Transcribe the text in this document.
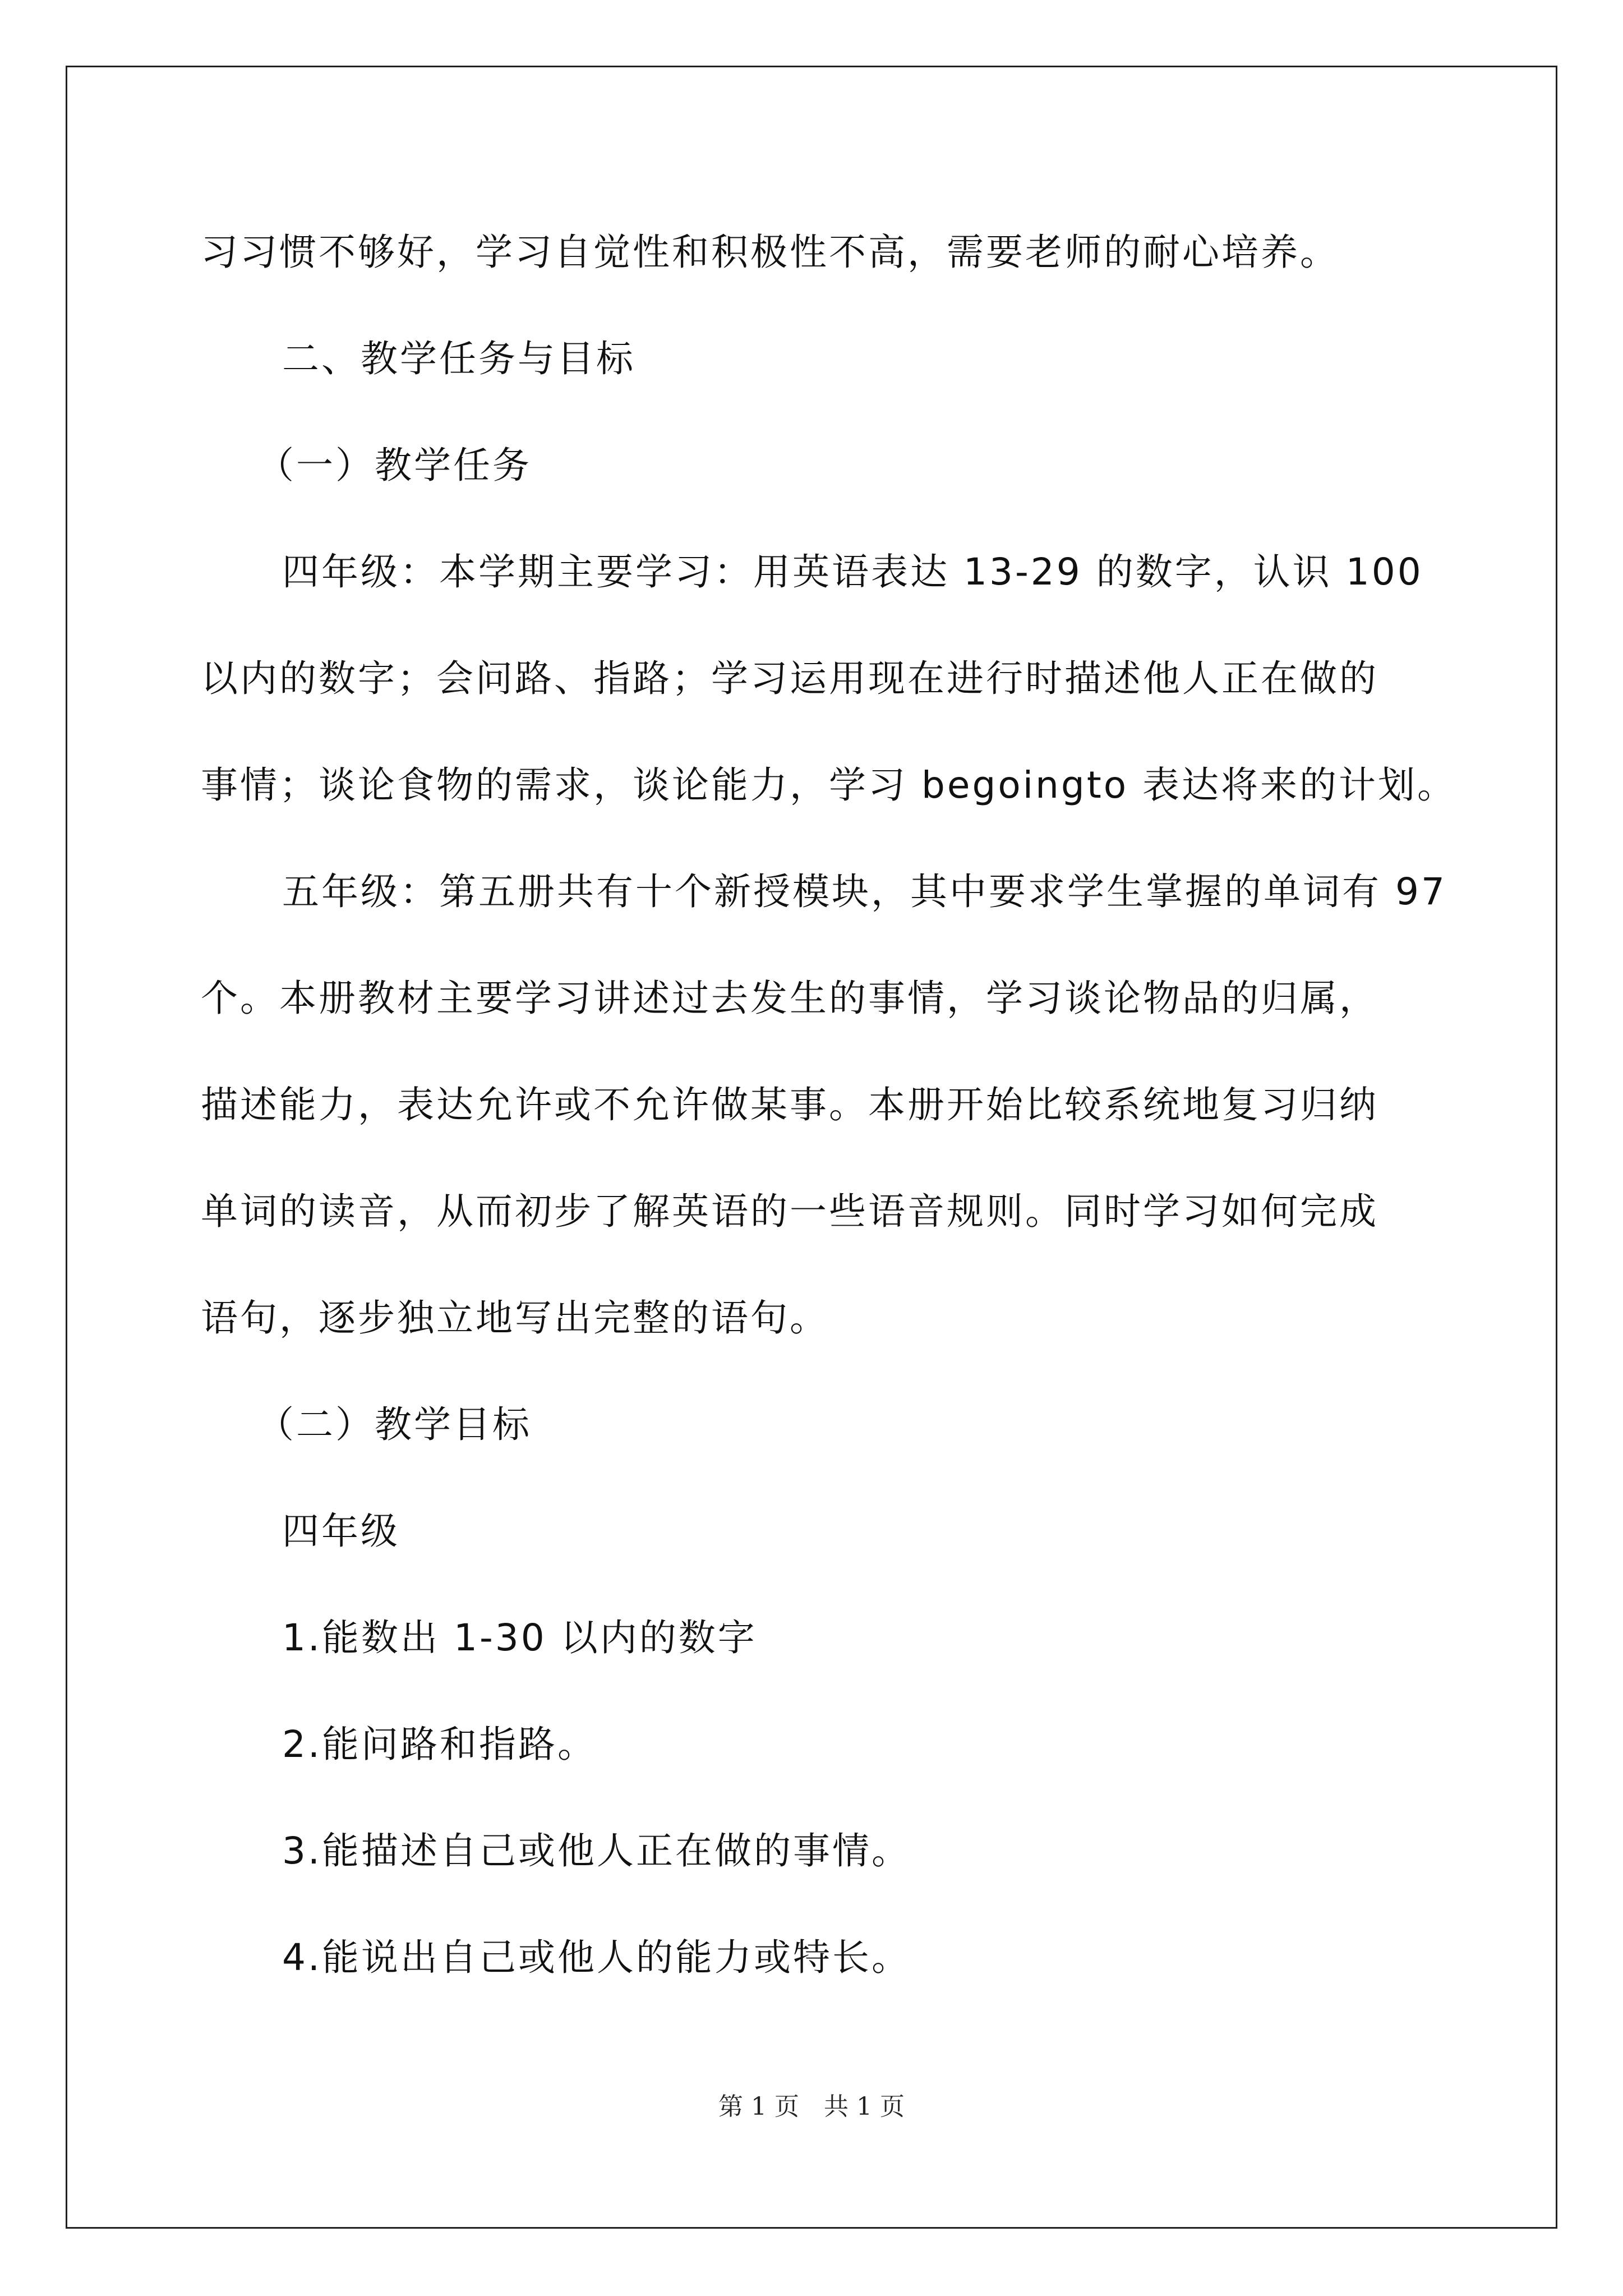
习习惯不够好，学习自觉性和积极性不高，需要老师的耐心培养。
二、教学任务与目标
（一）教学任务
四年级：本学期主要学习：用英语表达 13-29 的数字，认识 100
以内的数字；会问路、指路；学习运用现在进行时描述他人正在做的
事情；谈论食物的需求，谈论能力，学习 begoingto 表达将来的计划。
五年级：第五册共有十个新授模块，其中要求学生掌握的单词有 97
个。本册教材主要学习讲述过去发生的事情，学习谈论物品的归属，
描述能力，表达允许或不允许做某事。本册开始比较系统地复习归纳
单词的读音，从而初步了解英语的一些语音规则。同时学习如何完成
语句，逐步独立地写出完整的语句。
（二）教学目标
四年级
1.能数出 1-30 以内的数字
2.能问路和指路。
3.能描述自己或他人正在做的事情。
4.能说出自己或他人的能力或特长。
第 1 页　共 1 页
